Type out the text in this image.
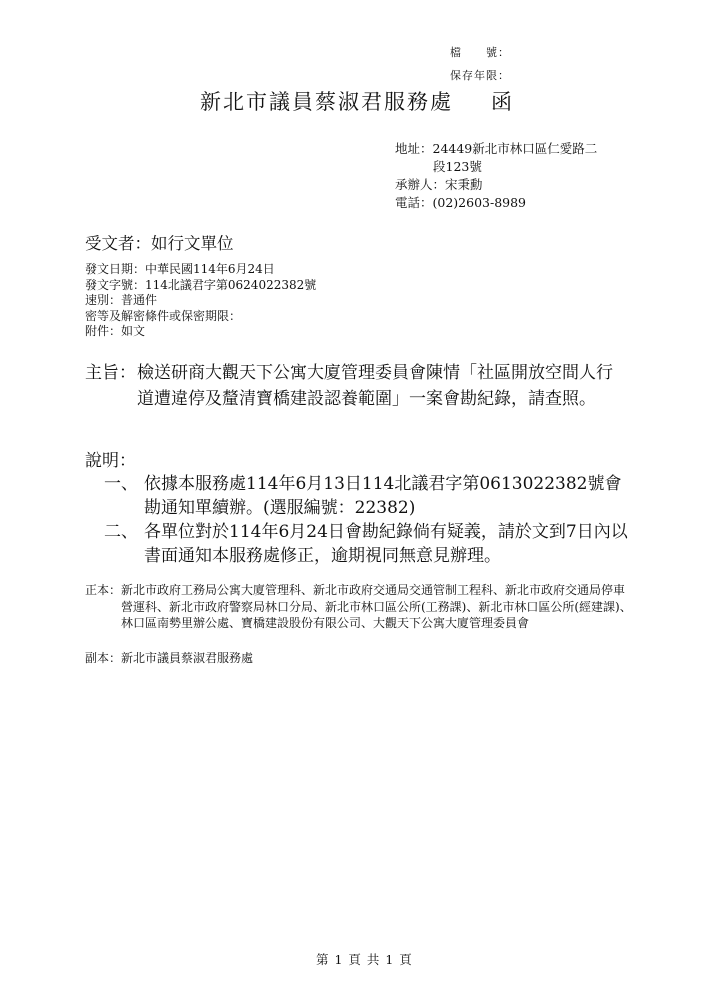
檔　　號：
保存年限：
新北市議員蔡淑君服務處 函
地址：24449新北市林口區仁愛路二
段123號
承辦人：宋秉勳
電話：(02)2603-8989
受文者：如行文單位
發文日期：中華民國114年6月24日
發文字號：114北議君字第0624022382號
速別：普通件
密等及解密條件或保密期限：
附件：如文
主旨： 檢送研商大觀天下公寓大廈管理委員會陳情「社區開放空間人行道遭違停及釐清寶橋建設認養範圍」一案會勘紀錄，請查照。
說明：
一、 依據本服務處114年6月13日114北議君字第0613022382號會勘通知單續辦。(選服編號：22382)
二、 各單位對於114年6月24日會勘紀錄倘有疑義，請於文到7日內以書面通知本服務處修正，逾期視同無意見辦理。
正本： 新北市政府工務局公寓大廈管理科、新北市政府交通局交通管制工程科、新北市政府交通局停車營運科、新北市政府警察局林口分局、新北市林口區公所(工務課)、新北市林口區公所(經建課)、林口區南勢里辦公處、寶橋建設股份有限公司、大觀天下公寓大廈管理委員會
副本： 新北市議員蔡淑君服務處
第 1 頁 共 1 頁
